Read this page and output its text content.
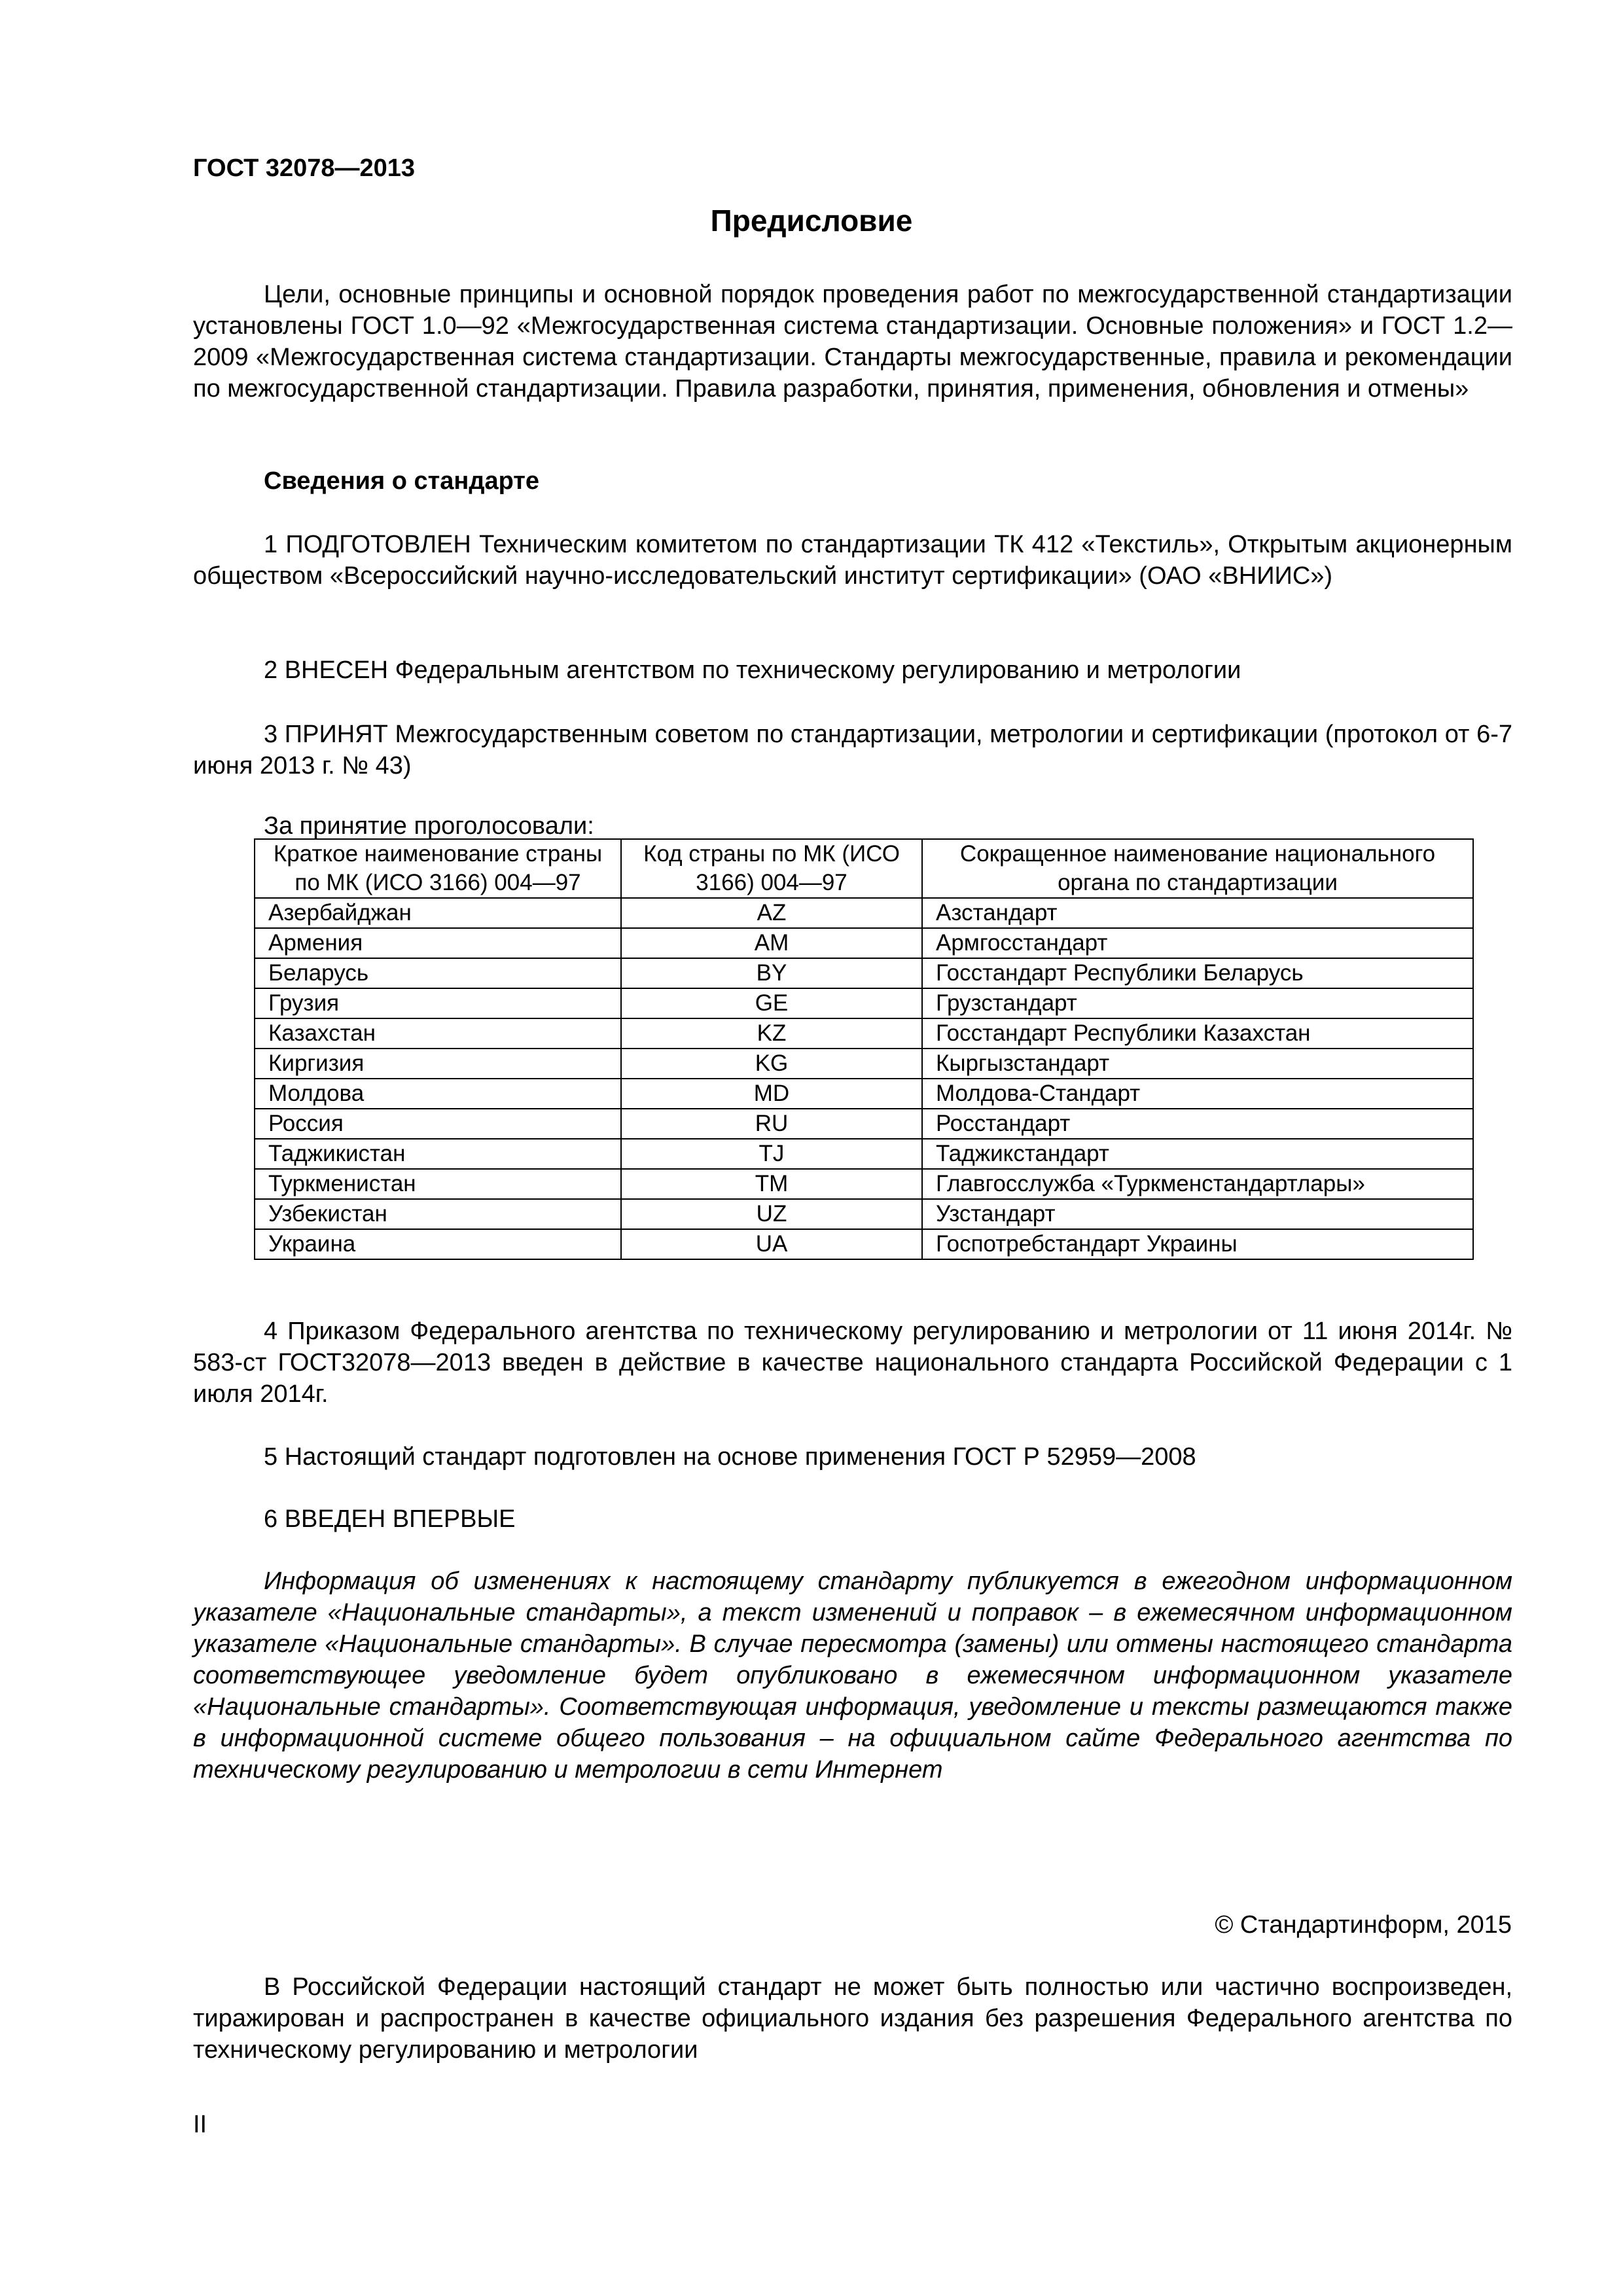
ГОСТ 32078—2013
Предисловие

Цели, основные принципы и основной порядок проведения работ по межгосударственной стандартизации установлены ГОСТ 1.0—92 «Межгосударственная система стандартизации. Основные положения» и ГОСТ 1.2—2009 «Межгосударственная система стандартизации. Стандарты межгосударственные, правила и рекомендации по межгосударственной стандартизации. Правила разработки, принятия, применения, обновления и отмены»

Сведения о стандарте

1 ПОДГОТОВЛЕН Техническим комитетом по стандартизации ТК 412 «Текстиль», Открытым акционерным обществом «Всероссийский научно-исследовательский институт сертификации» (ОАО «ВНИИС»)

2 ВНЕСЕН Федеральным агентством по техническому регулированию и метрологии

3 ПРИНЯТ Межгосударственным советом по стандартизации, метрологии и сертификации (протокол от 6-7 июня 2013 г. № 43)

За принятие проголосовали:
Краткое наименование страны по МК (ИСО 3166) 004—97	Код страны по МК (ИСО 3166) 004—97	Сокращенное наименование национального органа по стандартизации
Азербайджан	AZ	Азстандарт
Армения	AM	Армгосстандарт
Беларусь	BY	Госстандарт Республики Беларусь
Грузия	GE	Грузстандарт
Казахстан	KZ	Госстандарт Республики Казахстан
Киргизия	KG	Кыргызстандарт
Молдова	MD	Молдова-Стандарт
Россия	RU	Росстандарт
Таджикистан	TJ	Таджикстандарт
Туркменистан	TM	Главгосслужба «Туркменстандартлары»
Узбекистан	UZ	Узстандарт
Украина	UA	Госпотребстандарт Украины

4 Приказом Федерального агентства по техническому регулированию и метрологии от 11 июня 2014г. № 583-ст ГОСТ32078—2013 введен в действие в качестве национального стандарта Российской Федерации с 1 июля 2014г.

5 Настоящий стандарт подготовлен на основе применения ГОСТ Р 52959—2008

6 ВВЕДЕН ВПЕРВЫЕ

Информация об изменениях к настоящему стандарту публикуется в ежегодном информационном указателе «Национальные стандарты», а текст изменений и поправок – в ежемесячном информационном указателе «Национальные стандарты». В случае пересмотра (замены) или отмены настоящего стандарта соответствующее уведомление будет опубликовано в ежемесячном информационном указателе «Национальные стандарты». Соответствующая информация, уведомление и тексты размещаются также в информационной системе общего пользования – на официальном сайте Федерального агентства по техническому регулированию и метрологии в сети Интернет

© Стандартинформ, 2015

В Российской Федерации настоящий стандарт не может быть полностью или частично воспроизведен, тиражирован и распространен в качестве официального издания без разрешения Федерального агентства по техническому регулированию и метрологии

II
